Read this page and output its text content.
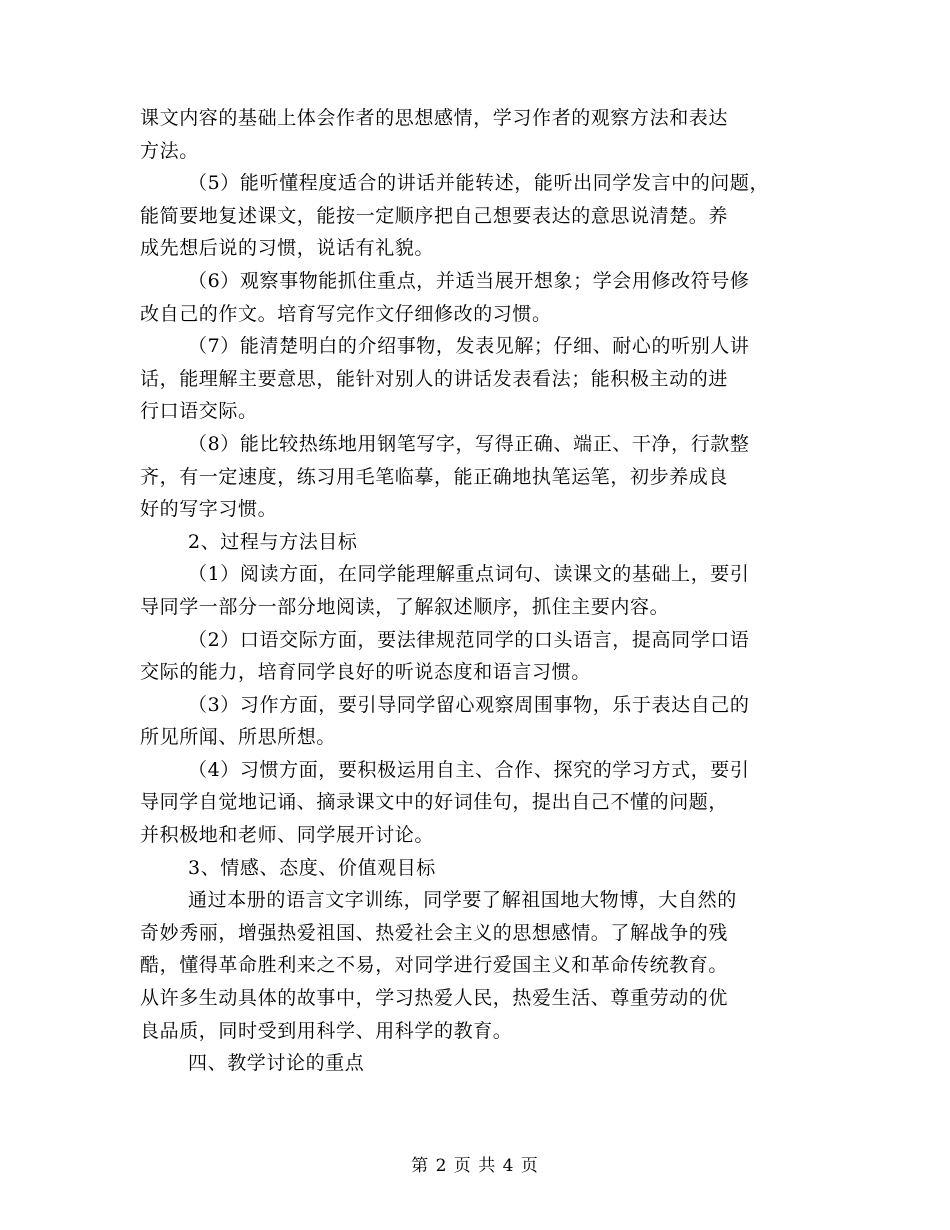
课文内容的基础上体会作者的思想感情，学习作者的观察方法和表达
方法。
（5）能听懂程度适合的讲话并能转述，能听出同学发言中的问题，
能简要地复述课文，能按一定顺序把自己想要表达的意思说清楚。养
成先想后说的习惯，说话有礼貌。
（6）观察事物能抓住重点，并适当展开想象；学会用修改符号修
改自己的作文。培育写完作文仔细修改的习惯。
（7）能清楚明白的介绍事物，发表见解；仔细、耐心的听别人讲
话，能理解主要意思，能针对别人的讲话发表看法；能积极主动的进
行口语交际。
（8）能比较热练地用钢笔写字，写得正确、端正、干净，行款整
齐，有一定速度，练习用毛笔临摹，能正确地执笔运笔，初步养成良
好的写字习惯。
2、过程与方法目标
（1）阅读方面，在同学能理解重点词句、读课文的基础上，要引
导同学一部分一部分地阅读，了解叙述顺序，抓住主要内容。
（2）口语交际方面，要法律规范同学的口头语言，提高同学口语
交际的能力，培育同学良好的听说态度和语言习惯。
（3）习作方面，要引导同学留心观察周围事物，乐于表达自己的
所见所闻、所思所想。
（4）习惯方面，要积极运用自主、合作、探究的学习方式，要引
导同学自觉地记诵、摘录课文中的好词佳句，提出自己不懂的问题，
并积极地和老师、同学展开讨论。
3、情感、态度、价值观目标
通过本册的语言文字训练，同学要了解祖国地大物博，大自然的
奇妙秀丽，增强热爱祖国、热爱社会主义的思想感情。了解战争的残
酷，懂得革命胜利来之不易，对同学进行爱国主义和革命传统教育。
从许多生动具体的故事中，学习热爱人民，热爱生活、尊重劳动的优
良品质，同时受到用科学、用科学的教育。
四、教学讨论的重点
第 2 页 共 4 页
